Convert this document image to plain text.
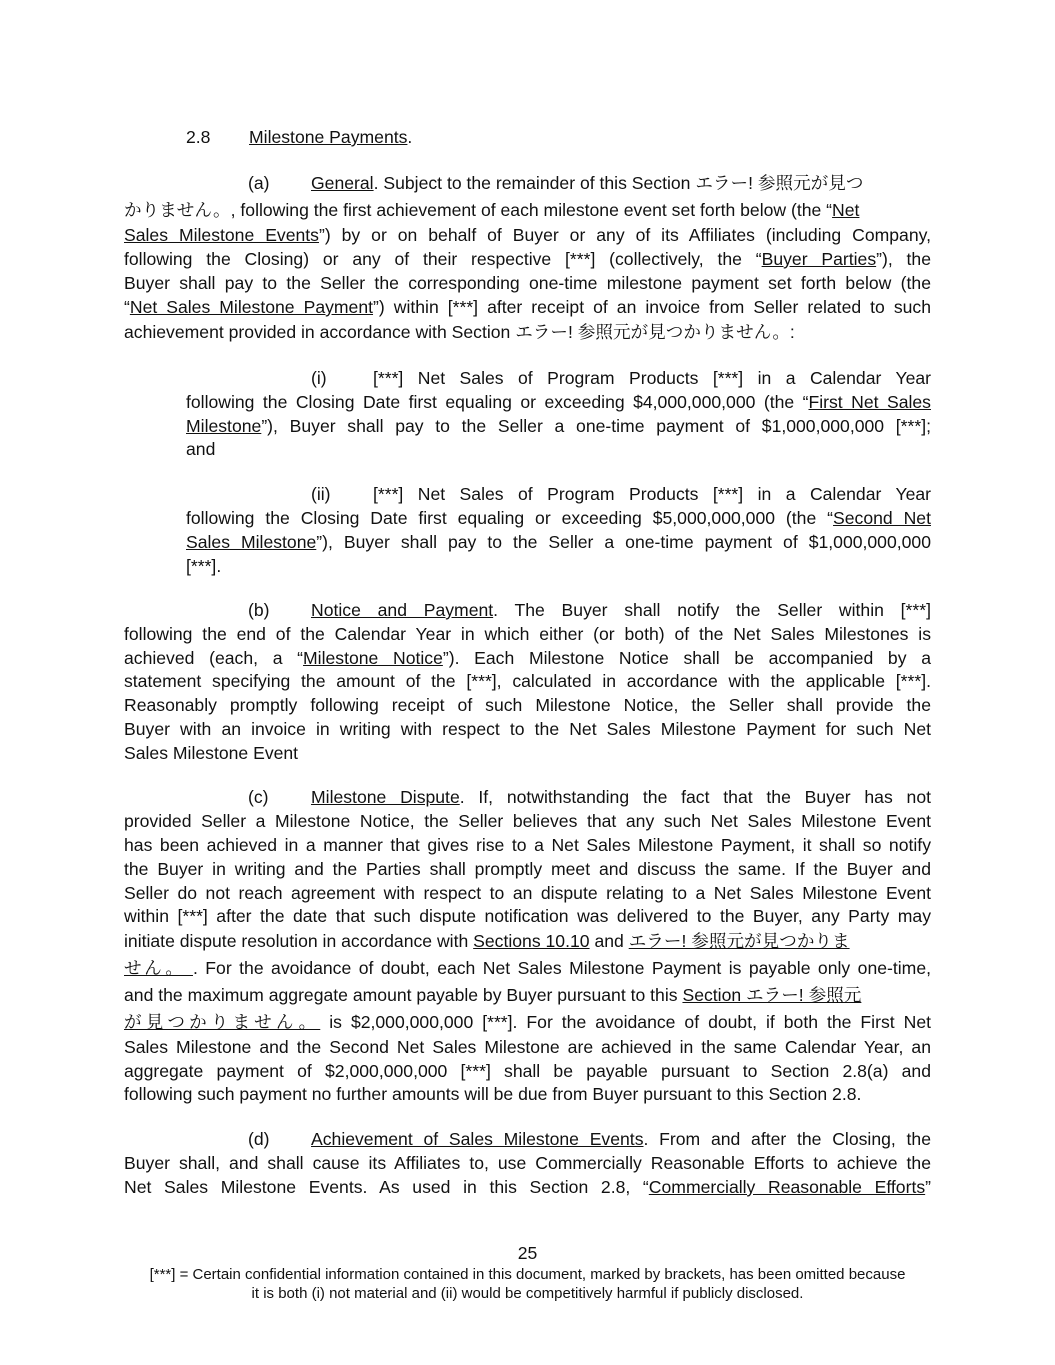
2.8 Milestone Payments.
(a) General. Subject to the remainder of this Section エラー! 参照元が見つ
かりません。, following the first achievement of each milestone event set forth below (the “Net
Sales Milestone Events”) by or on behalf of Buyer or any of its Affiliates (including Company,
following the Closing) or any of their respective [***] (collectively, the “Buyer Parties”), the
Buyer shall pay to the Seller the corresponding one-time milestone payment set forth below (the
“Net Sales Milestone Payment”) within [***] after receipt of an invoice from Seller related to such
achievement provided in accordance with Section エラー! 参照元が見つかりません。:
(i)	[***] Net Sales of Program Products [***] in a Calendar Year
following the Closing Date first equaling or exceeding $4,000,000,000 (the “First Net Sales
Milestone”), Buyer shall pay to the Seller a one-time payment of $1,000,000,000 [***];
and
(ii) [***] Net Sales of Program Products [***] in a Calendar Year
following the Closing Date first equaling or exceeding $5,000,000,000 (the “Second Net
Sales Milestone”), Buyer shall pay to the Seller a one-time payment of $1,000,000,000
[***].
(b) Notice and Payment. The Buyer shall notify the Seller within [***]
following the end of the Calendar Year in which either (or both) of the Net Sales Milestones is
achieved (each, a “Milestone Notice”). Each Milestone Notice shall be accompanied by a
statement specifying the amount of the [***], calculated in accordance with the applicable [***].
Reasonably promptly following receipt of such Milestone Notice, the Seller shall provide the
Buyer with an invoice in writing with respect to the Net Sales Milestone Payment for such Net
Sales Milestone Event
(c) Milestone Dispute. If, notwithstanding the fact that the Buyer has not
provided Seller a Milestone Notice, the Seller believes that any such Net Sales Milestone Event
has been achieved in a manner that gives rise to a Net Sales Milestone Payment, it shall so notify
the Buyer in writing and the Parties shall promptly meet and discuss the same. If the Buyer and
Seller do not reach agreement with respect to an dispute relating to a Net Sales Milestone Event
within [***] after the date that such dispute notification was delivered to the Buyer, any Party may
initiate dispute resolution in accordance with Sections 10.10 and エラー! 参照元が見つかりま
せん。 . For the avoidance of doubt, each Net Sales Milestone Payment is payable only one-time,
and the maximum aggregate amount payable by Buyer pursuant to this Section エラー! 参照元
が見つかりません。 is $2,000,000,000 [***]. For the avoidance of doubt, if both the First Net
Sales Milestone and the Second Net Sales Milestone are achieved in the same Calendar Year, an
aggregate payment of $2,000,000,000 [***] shall be payable pursuant to Section 2.8(a) and
following such payment no further amounts will be due from Buyer pursuant to this Section 2.8.
(d) Achievement of Sales Milestone Events. From and after the Closing, the
Buyer shall, and shall cause its Affiliates to, use Commercially Reasonable Efforts to achieve the
Net Sales Milestone Events. As used in this Section 2.8, “Commercially Reasonable Efforts”
25
[***] = Certain confidential information contained in this document, marked by brackets, has been omitted because
it is both (i) not material and (ii) would be competitively harmful if publicly disclosed.
